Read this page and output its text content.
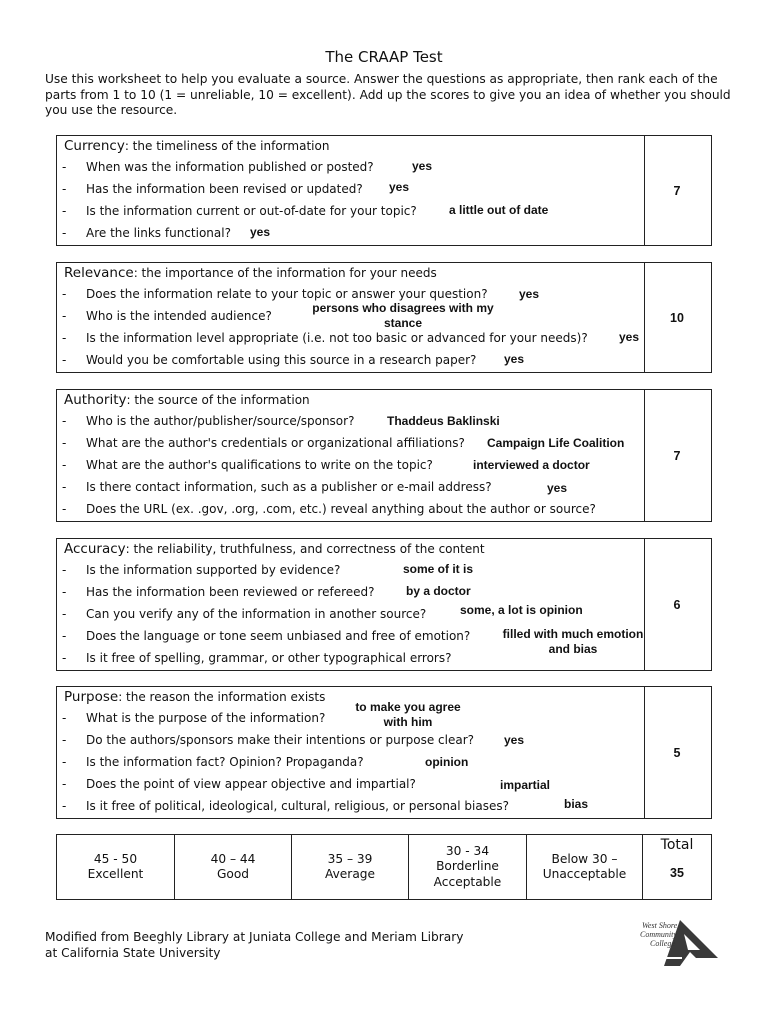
The CRAAP Test
Use this worksheet to help you evaluate a source. Answer the questions as appropriate, then rank each of the parts from 1 to 10 (1 = unreliable, 10 = excellent). Add up the scores to give you an idea of whether you should you use the resource.
Currency: the timeliness of the information
- When was the information published or posted?
- Has the information been revised or updated?
- Is the information current or out-of-date for your topic?
- Are the links functional?
yes
yes
a little out of date
yes
7
Relevance: the importance of the information for your needs
- Does the information relate to your topic or answer your question?
- Who is the intended audience?
- Is the information level appropriate (i.e. not too basic or advanced for your needs)?
- Would you be comfortable using this source in a research paper?
yes
persons who disagrees with my stance
yes
yes
10
Authority: the source of the information
- Who is the author/publisher/source/sponsor?
- What are the author's credentials or organizational affiliations?
- What are the author's qualifications to write on the topic?
- Is there contact information, such as a publisher or e-mail address?
- Does the URL (ex. .gov, .org, .com, etc.) reveal anything about the author or source?
Thaddeus Baklinski
Campaign Life Coalition
interviewed a doctor
yes
7
Accuracy: the reliability, truthfulness, and correctness of the content
- Is the information supported by evidence?
- Has the information been reviewed or refereed?
- Can you verify any of the information in another source?
- Does the language or tone seem unbiased and free of emotion?
- Is it free of spelling, grammar, or other typographical errors?
some of it is
by a doctor
some, a lot is opinion
filled with much emotion and bias
6
Purpose: the reason the information exists
- What is the purpose of the information?
- Do the authors/sponsors make their intentions or purpose clear?
- Is the information fact? Opinion? Propaganda?
- Does the point of view appear objective and impartial?
- Is it free of political, ideological, cultural, religious, or personal biases?
to make you agree with him
yes
opinion
impartial
bias
5
45 - 50
Excellent
40 – 44
Good
35 – 39
Average
30 - 34
Borderline Acceptable
Below 30 –
Unacceptable
Total
35
Modified from Beeghly Library at Juniata College and Meriam Library
at California State University
West Shore
Community
College
